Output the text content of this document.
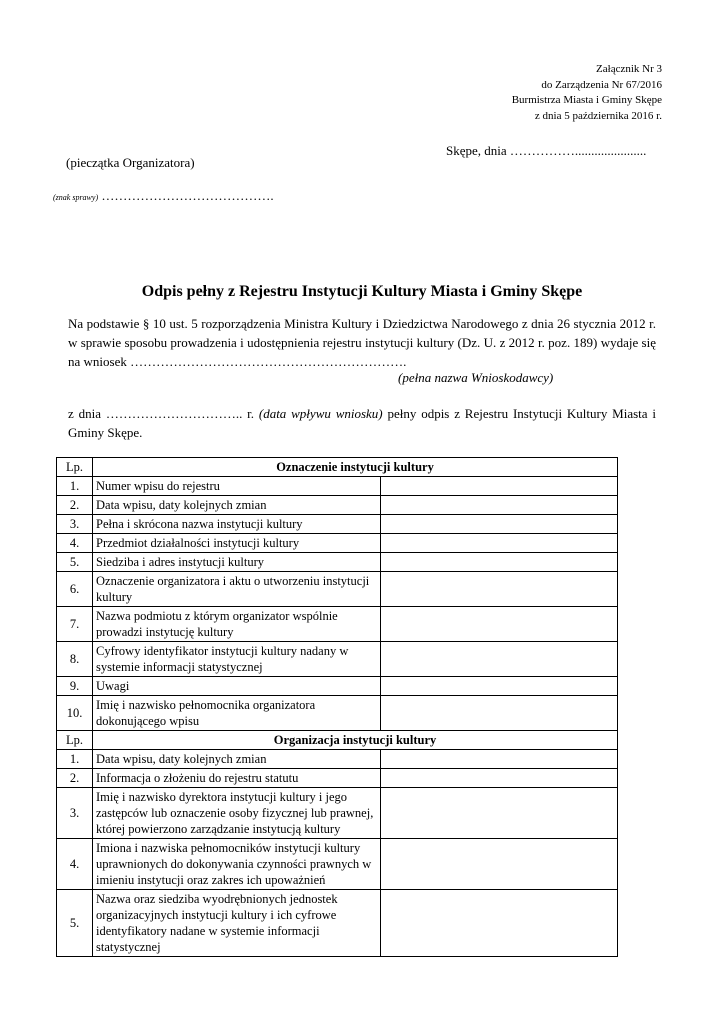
Załącznik Nr 3
do Zarządzenia Nr 67/2016
Burmistrza Miasta i Gminy Skępe
z dnia 5 października 2016 r.
Skępe, dnia ……………......................
(pieczątka Organizatora)
(znak sprawy) ………………………………….
Odpis pełny z Rejestru Instytucji Kultury Miasta i Gminy Skępe

Na podstawie § 10 ust. 5 rozporządzenia Ministra Kultury i Dziedzictwa Narodowego z dnia 26 stycznia 2012 r. w sprawie sposobu prowadzenia i udostępnienia rejestru instytucji kultury (Dz. U. z 2012 r. poz. 189) wydaje się na wniosek ……………………………………………………….

(pełna nazwa Wnioskodawcy)

z dnia ………………………….. r. (data wpływu wniosku) pełny odpis z Rejestru Instytucji Kultury Miasta i Gminy Skępe.

Lp.	Oznaczenie instytucji kultury	
1.	Numer wpisu do rejestru	
2.	Data wpisu, daty kolejnych zmian	
3.	Pełna i skrócona nazwa instytucji kultury	
4.	Przedmiot działalności instytucji kultury	
5.	Siedziba i adres instytucji kultury	
6.	Oznaczenie organizatora i aktu o utworzeniu instytucji kultury	
7.	Nazwa podmiotu z którym organizator wspólnie prowadzi instytucję kultury	
8.	Cyfrowy identyfikator instytucji kultury nadany w systemie informacji statystycznej	
9.	Uwagi	
10.	Imię i nazwisko pełnomocnika organizatora dokonującego wpisu	
Lp.	Organizacja instytucji kultury	
1.	Data wpisu, daty kolejnych zmian	
2.	Informacja o złożeniu do rejestru statutu	
3.	Imię i nazwisko dyrektora instytucji kultury i jego zastępców lub oznaczenie osoby fizycznej lub prawnej, której powierzono zarządzanie instytucją kultury	
4.	Imiona i nazwiska pełnomocników instytucji kultury uprawnionych do dokonywania czynności prawnych w imieniu instytucji oraz zakres ich upoważnień	
5.	Nazwa oraz siedziba wyodrębnionych jednostek organizacyjnych instytucji kultury i ich cyfrowe identyfikatory nadane w systemie informacji statystycznej	
